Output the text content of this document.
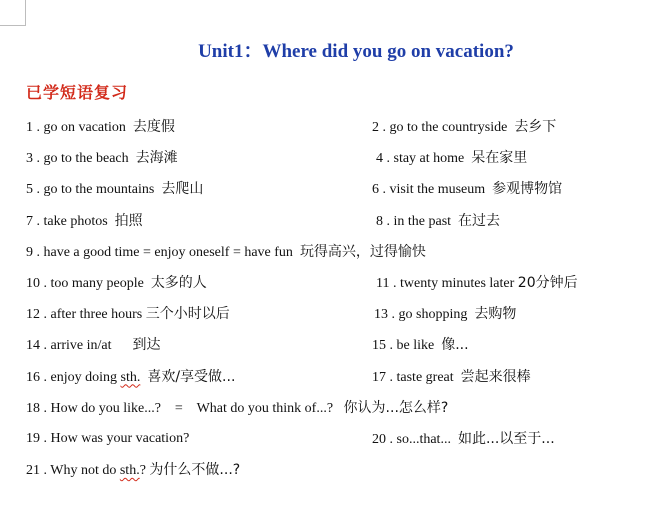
Unit1：Where did you go on vacation?
已学短语复习
1 . go on vacation 去度假	2 . go to the countryside 去乡下
3 . go to the beach 去海滩	4 . stay at home 呆在家里
5 . go to the mountains 去爬山	6 . visit the museum 参观博物馆
7 . take photos 拍照	8 . in the past 在过去
9 . have a good time = enjoy oneself = have fun 玩得高兴，过得愉快
10 . too many people 太多的人	11 . twenty minutes later 20分钟后
12 . after three hours 三个小时以后	13 . go shopping 去购物
14 . arrive in/at 到达	15 . be like 像...
16 . enjoy doing sth. 喜欢/享受做...	17 . taste great 尝起来很棒
18 . How do you like...?    =    What do you think of...? 你认为...怎么样?
19 . How was your vacation?	20 . so...that... 如此...以至于...
21 . Why not do sth.? 为什么不做...?
